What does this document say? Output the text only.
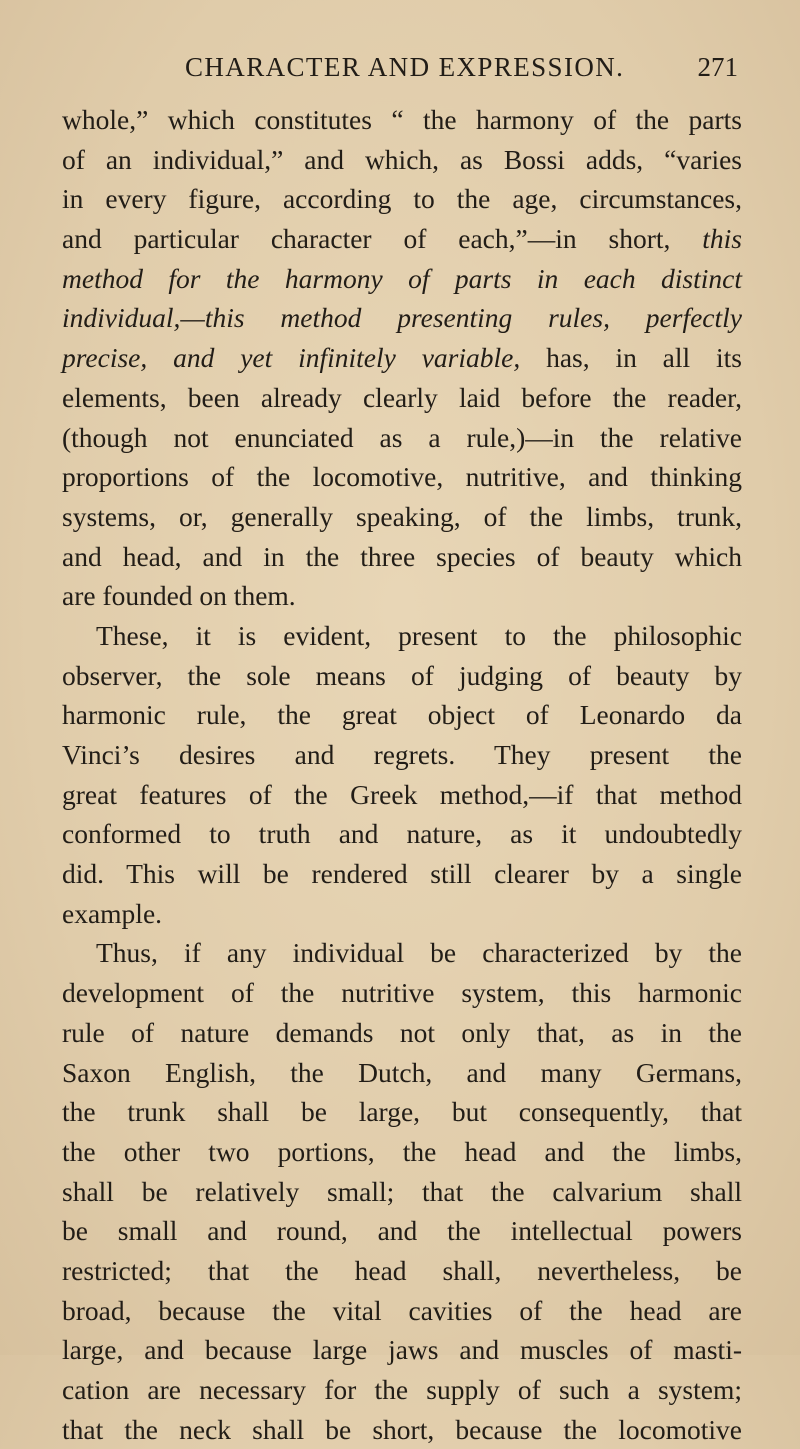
CHARACTER AND EXPRESSION.	271
whole,” which constitutes “ the harmony of the parts
of an individual,” and which, as Bossi adds, “varies
in every figure, according to the age, circumstances,
and particular character of each,”—in short, this
method for the harmony of parts in each distinct
individual,—this method presenting rules, perfectly
precise, and yet infinitely variable, has, in all its
elements, been already clearly laid before the reader,
(though not enunciated as a rule,)—in the relative
proportions of the locomotive, nutritive, and thinking
systems, or, generally speaking, of the limbs, trunk,
and head, and in the three species of beauty which
are founded on them.
These, it is evident, present to the philosophic
observer, the sole means of judging of beauty by
harmonic rule, the great object of Leonardo da
Vinci’s desires and regrets. They present the
great features of the Greek method,—if that method
conformed to truth and nature, as it undoubtedly
did. This will be rendered still clearer by a single
example.
Thus, if any individual be characterized by the
development of the nutritive system, this harmonic
rule of nature demands not only that, as in the
Saxon English, the Dutch, and many Germans,
the trunk shall be large, but consequently, that
the other two portions, the head and the limbs,
shall be relatively small; that the calvarium shall
be small and round, and the intellectual powers
restricted; that the head shall, nevertheless, be
broad, because the vital cavities of the head are
large, and because large jaws and muscles of masti-
cation are necessary for the supply of such a system;
that the neck shall be short, because the locomotive
